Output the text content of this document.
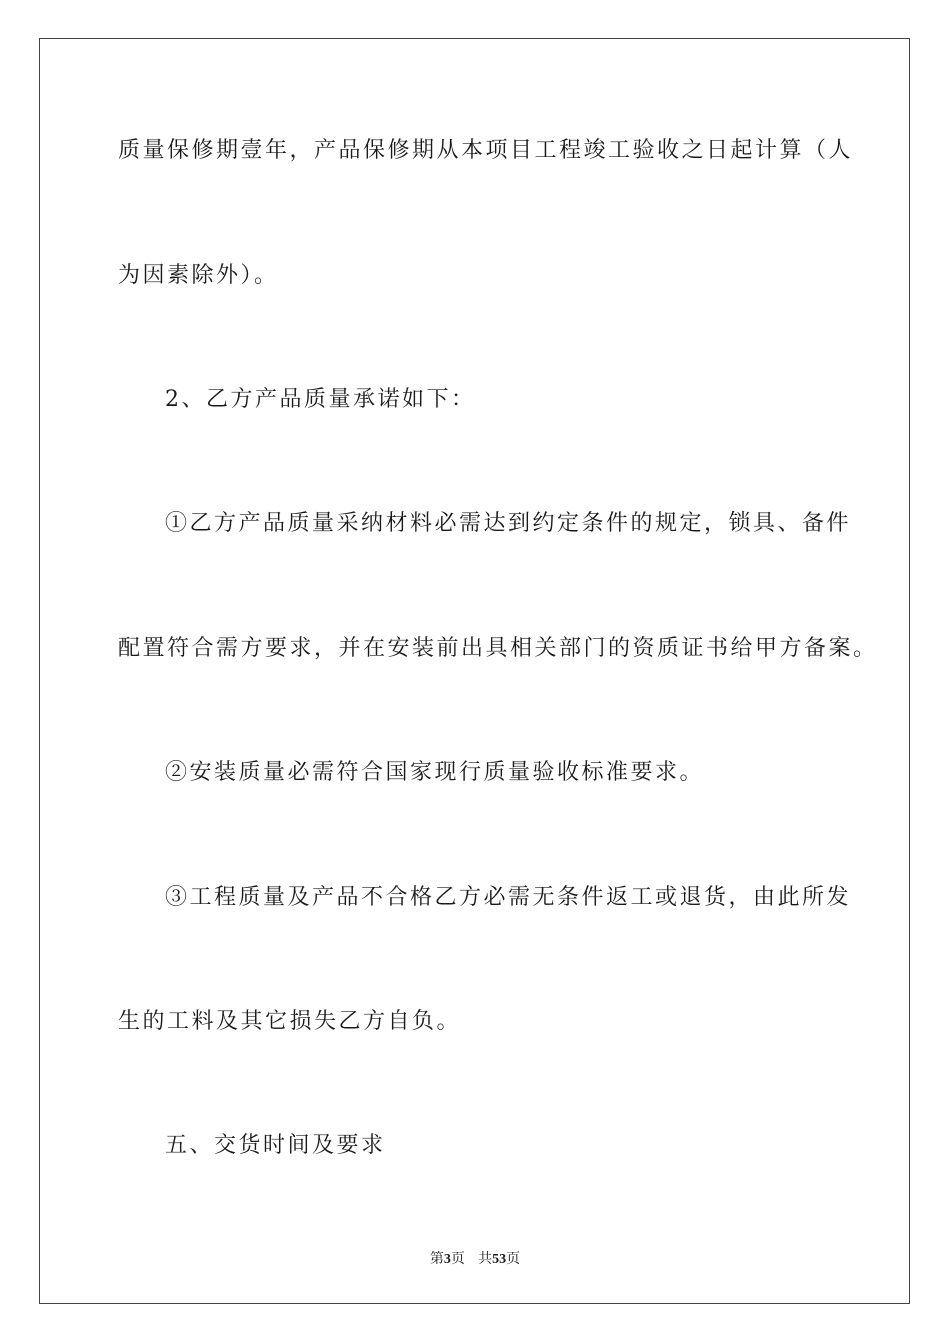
质量保修期壹年，产品保修期从本项目工程竣工验收之日起计算（人

为因素除外）。

2、乙方产品质量承诺如下：

①乙方产品质量采纳材料必需达到约定条件的规定，锁具、备件

配置符合需方要求，并在安装前出具相关部门的资质证书给甲方备案。

②安装质量必需符合国家现行质量验收标准要求。

③工程质量及产品不合格乙方必需无条件返工或退货，由此所发

生的工料及其它损失乙方自负。

五、交货时间及要求

第3页   共53页
